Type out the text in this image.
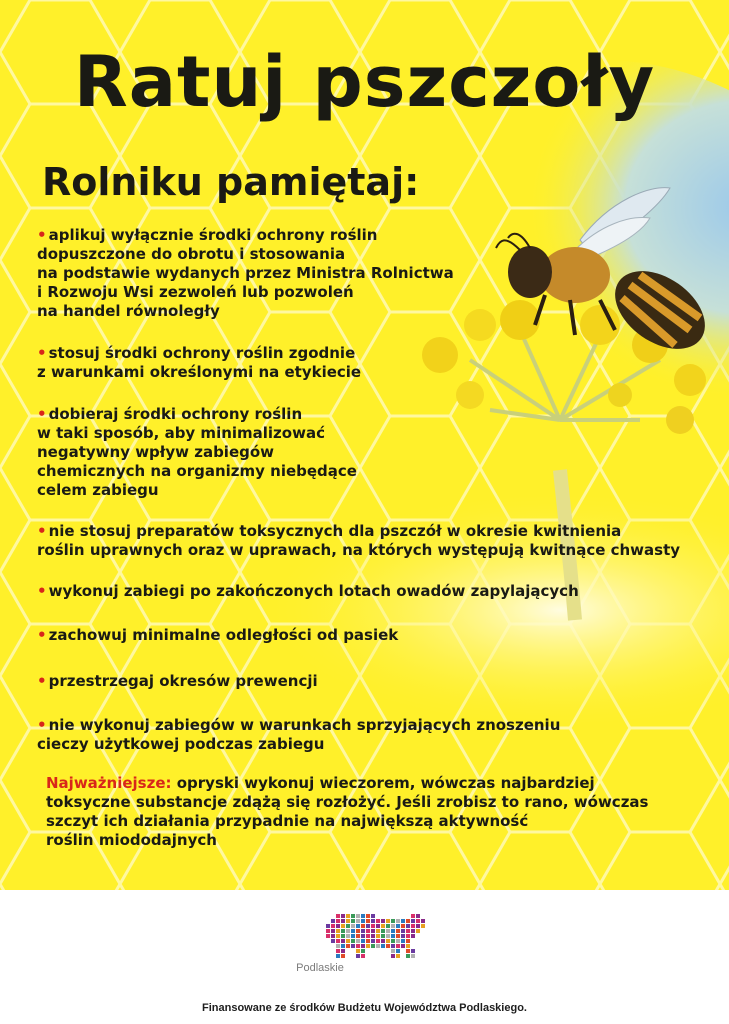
Ratuj pszczoły
Rolniku pamiętaj:

• aplikuj wyłącznie środki ochrony roślin
dopuszczone do obrotu i stosowania
na podstawie wydanych przez Ministra Rolnictwa
i Rozwoju Wsi zezwoleń lub pozwoleń
na handel równoległy

• stosuj środki ochrony roślin zgodnie
z warunkami określonymi na etykiecie

• dobieraj środki ochrony roślin
w taki sposób, aby minimalizować
negatywny wpływ zabiegów
chemicznych na organizmy niebędące
celem zabiegu

• nie stosuj preparatów toksycznych dla pszczół w okresie kwitnienia
roślin uprawnych oraz w uprawach, na których występują kwitnące chwasty

• wykonuj zabiegi po zakończonych lotach owadów zapylających

• zachowuj minimalne odległości od pasiek

• przestrzegaj okresów prewencji

• nie wykonuj zabiegów w warunkach sprzyjających znoszeniu
cieczy użytkowej podczas zabiegu

Najważniejsze: opryski wykonuj wieczorem, wówczas najbardziej
toksyczne substancje zdążą się rozłożyć. Jeśli zrobisz to rano, wówczas
szczyt ich działania przypadnie na największą aktywność
roślin miododajnych

Podlaskie
Finansowane ze środków Budżetu Województwa Podlaskiego.
